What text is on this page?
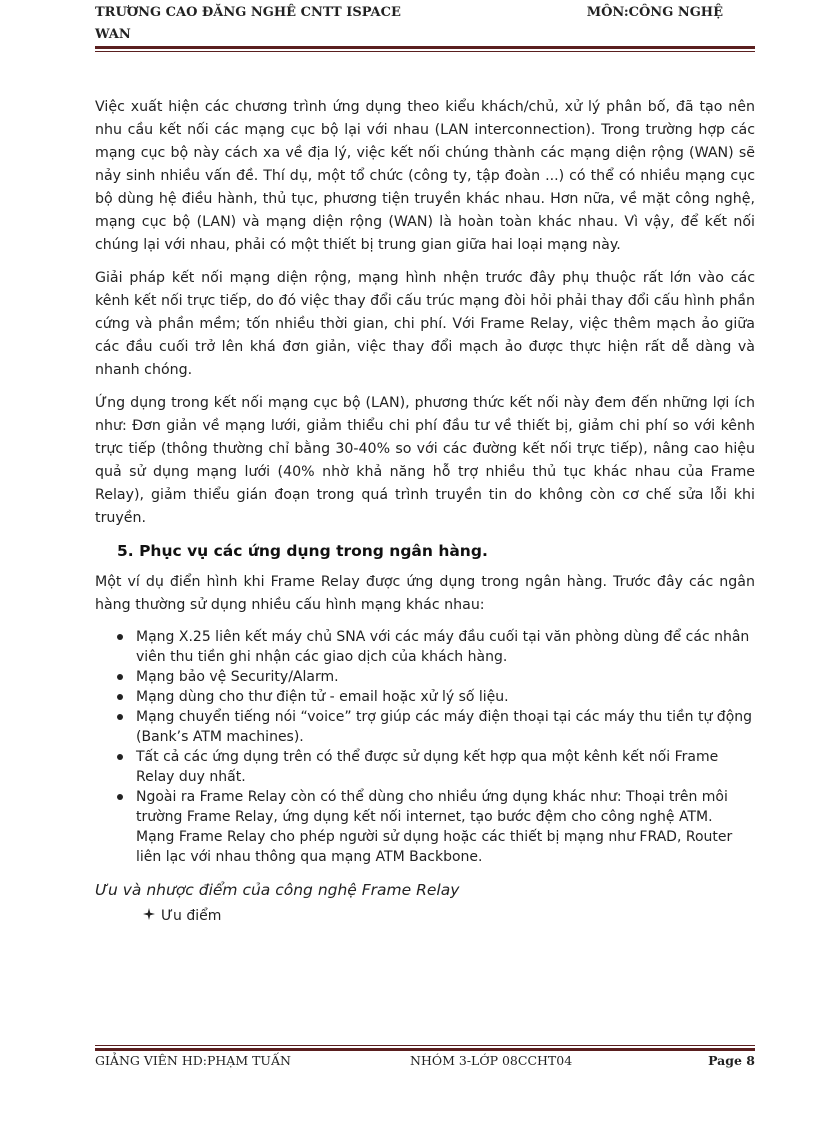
TRƯƠNG CAO ĐĂNG NGHÊ CNTT ISPACE	MÔN:CÔNG NGHỆ
WAN

Việc xuất hiện các chương trình ứng dụng theo kiểu khách/chủ, xử lý phân bố, đã tạo nên nhu cầu kết nối các mạng cục bộ lại với nhau (LAN interconnection). Trong trường hợp các mạng cục bộ này cách xa về địa lý, việc kết nối chúng thành các mạng diện rộng (WAN) sẽ nảy sinh nhiều vấn đề. Thí dụ, một tổ chức (công ty, tập đoàn ...) có thể có nhiều mạng cục bộ dùng hệ điều hành, thủ tục, phương tiện truyền khác nhau. Hơn nữa, về mặt công nghệ, mạng cục bộ (LAN) và mạng diện rộng (WAN) là hoàn toàn khác nhau. Vì vậy, để kết nối chúng lại với nhau, phải có một thiết bị trung gian giữa hai loại mạng này.

Giải pháp kết nối mạng diện rộng, mạng hình nhện trước đây phụ thuộc rất lớn vào các kênh kết nối trực tiếp, do đó việc thay đổi cấu trúc mạng đòi hỏi phải thay đổi cấu hình phần cứng và phần mềm; tốn nhiều thời gian, chi phí. Với Frame Relay, việc thêm mạch ảo giữa các đầu cuối trở lên khá đơn giản, việc thay đổi mạch ảo được thực hiện rất dễ dàng và nhanh chóng.

Ứng dụng trong kết nối mạng cục bộ (LAN), phương thức kết nối này đem đến những lợi ích như: Đơn giản về mạng lưới, giảm thiểu chi phí đầu tư về thiết bị, giảm chi phí so với kênh trực tiếp (thông thường chỉ bằng 30-40% so với các đường kết nối trực tiếp), nâng cao hiệu quả sử dụng mạng lưới (40% nhờ khả năng hỗ trợ nhiều thủ tục khác nhau của Frame Relay), giảm thiểu gián đoạn trong quá trình truyền tin do không còn cơ chế sửa lỗi khi truyền.

5. Phục vụ các ứng dụng trong ngân hàng.

Một ví dụ điển hình khi Frame Relay được ứng dụng trong ngân hàng. Trước đây các ngân hàng thường sử dụng nhiều cấu hình mạng khác nhau:

Mạng X.25 liên kết máy chủ SNA với các máy đầu cuối tại văn phòng dùng để các nhân viên thu tiền ghi nhận các giao dịch của khách hàng.
Mạng bảo vệ Security/Alarm.
Mạng dùng cho thư điện tử - email hoặc xử lý số liệu.
Mạng chuyển tiếng nói “voice” trợ giúp các máy điện thoại tại các máy thu tiền tự động (Bank’s ATM machines).
Tất cả các ứng dụng trên có thể được sử dụng kết hợp qua một kênh kết nối Frame Relay duy nhất.
Ngoài ra Frame Relay còn có thể dùng cho nhiều ứng dụng khác như: Thoại trên môi trường Frame Relay, ứng dụng kết nối internet, tạo bước đệm cho công nghệ ATM. Mạng Frame Relay cho phép người sử dụng hoặc các thiết bị mạng như FRAD, Router liên lạc với nhau thông qua mạng ATM Backbone.
Ưu và nhược điểm của công nghệ Frame Relay
Ưu điểm
GIẢNG VIÊN HD:PHẠM TUẤN	NHÓM 3-LỚP 08CCHT04	Page 8
